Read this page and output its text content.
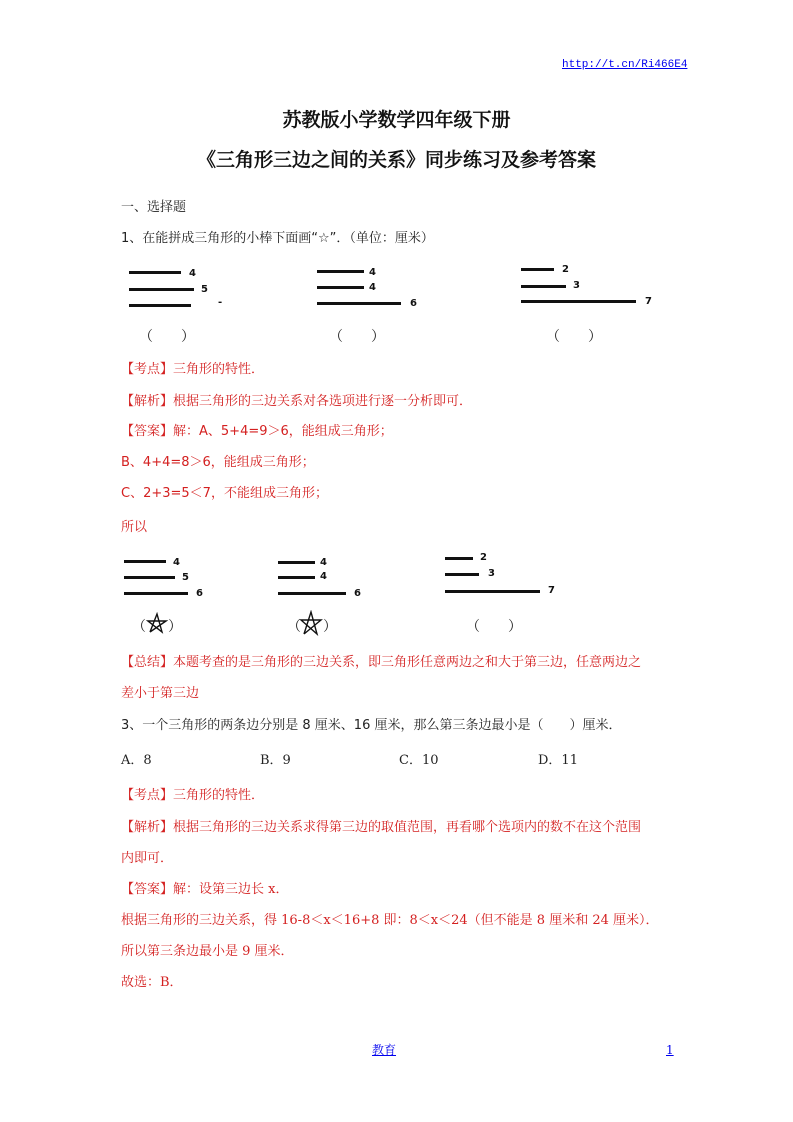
http://t.cn/Ri466E4
苏教版小学数学四年级下册
《三角形三边之间的关系》同步练习及参考答案
一、选择题
1、在能拼成三角形的小棒下面画“☆”．（单位：厘米）
4
5
-
（　　）
4
4
6
（　　）
2
3
7
（　　）
【考点】三角形的特性．
【解析】根据三角形的三边关系对各选项进行逐一分析即可．
【答案】解：A、5+4=9＞6，能组成三角形；
B、4+4=8＞6，能组成三角形；
C、2+3=5＜7，不能组成三角形；
所以
4
5
6
（ ）
4
4
6
（ ）
2
3
7
（　　）
【总结】本题考查的是三角形的三边关系，即三角形任意两边之和大于第三边，任意两边之
差小于第三边
3、一个三角形的两条边分别是 8 厘米、16 厘米，那么第三条边最小是（　　）厘米．
A．8	B．9	C．10	D．11
【考点】三角形的特性．
【解析】根据三角形的三边关系求得第三边的取值范围，再看哪个选项内的数不在这个范围
内即可．
【答案】解：设第三边长 x．
根据三角形的三边关系，得 16-8＜x＜16+8 即：8＜x＜24（但不能是 8 厘米和 24 厘米）．
所以第三条边最小是 9 厘米．
故选：B．
教育	1
